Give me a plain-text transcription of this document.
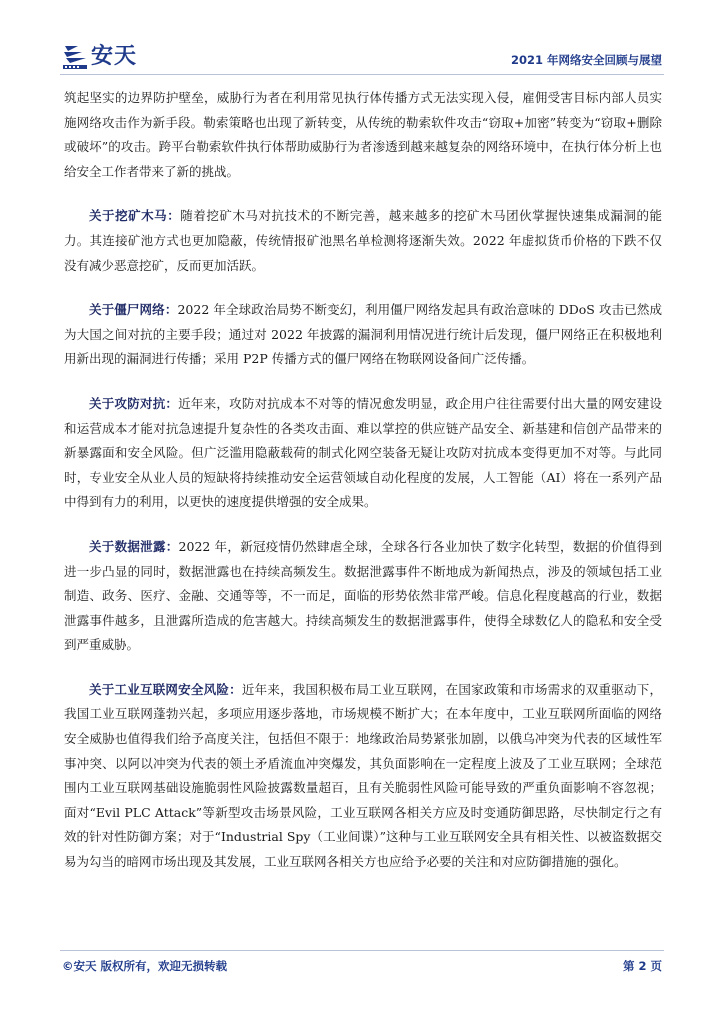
安天	2021 年网络安全回顾与展望

筑起坚实的边界防护壁垒，威胁行为者在利用常见执行体传播方式无法实现入侵，雇佣受害目标内部人员实施网络攻击作为新手段。勒索策略也出现了新转变，从传统的勒索软件攻击“窃取+加密”转变为“窃取+删除或破坏”的攻击。跨平台勒索软件执行体帮助威胁行为者渗透到越来越复杂的网络环境中，在执行体分析上也给安全工作者带来了新的挑战。

关于挖矿木马：随着挖矿木马对抗技术的不断完善，越来越多的挖矿木马团伙掌握快速集成漏洞的能力。其连接矿池方式也更加隐蔽，传统情报矿池黑名单检测将逐渐失效。2022 年虚拟货币价格的下跌不仅没有减少恶意挖矿，反而更加活跃。

关于僵尸网络：2022 年全球政治局势不断变幻，利用僵尸网络发起具有政治意味的 DDoS 攻击已然成为大国之间对抗的主要手段；通过对 2022 年披露的漏洞利用情况进行统计后发现，僵尸网络正在积极地利用新出现的漏洞进行传播；采用 P2P 传播方式的僵尸网络在物联网设备间广泛传播。

关于攻防对抗：近年来，攻防对抗成本不对等的情况愈发明显，政企用户往往需要付出大量的网安建设和运营成本才能对抗急速提升复杂性的各类攻击面、难以掌控的供应链产品安全、新基建和信创产品带来的新暴露面和安全风险。但广泛滥用隐蔽载荷的制式化网空装备无疑让攻防对抗成本变得更加不对等。与此同时，专业安全从业人员的短缺将持续推动安全运营领域自动化程度的发展，人工智能（AI）将在一系列产品中得到有力的利用，以更快的速度提供增强的安全成果。

关于数据泄露：2022 年，新冠疫情仍然肆虐全球，全球各行各业加快了数字化转型，数据的价值得到进一步凸显的同时，数据泄露也在持续高频发生。数据泄露事件不断地成为新闻热点，涉及的领域包括工业制造、政务、医疗、金融、交通等等，不一而足，面临的形势依然非常严峻。信息化程度越高的行业，数据泄露事件越多，且泄露所造成的危害越大。持续高频发生的数据泄露事件，使得全球数亿人的隐私和安全受到严重威胁。

关于工业互联网安全风险：近年来，我国积极布局工业互联网，在国家政策和市场需求的双重驱动下，我国工业互联网蓬勃兴起，多项应用逐步落地，市场规模不断扩大；在本年度中，工业互联网所面临的网络安全威胁也值得我们给予高度关注，包括但不限于：地缘政治局势紧张加剧，以俄乌冲突为代表的区域性军事冲突、以阿以冲突为代表的领土矛盾流血冲突爆发，其负面影响在一定程度上波及了工业互联网；全球范围内工业互联网基础设施脆弱性风险披露数量超百，且有关脆弱性风险可能导致的严重负面影响不容忽视；面对“Evil PLC Attack”等新型攻击场景风险，工业互联网各相关方应及时变通防御思路，尽快制定行之有效的针对性防御方案；对于“Industrial Spy（工业间谍）”这种与工业互联网安全具有相关性、以被盗数据交易为勾当的暗网市场出现及其发展，工业互联网各相关方也应给予必要的关注和对应防御措施的强化。

©安天 版权所有，欢迎无损转载	第 2 页
